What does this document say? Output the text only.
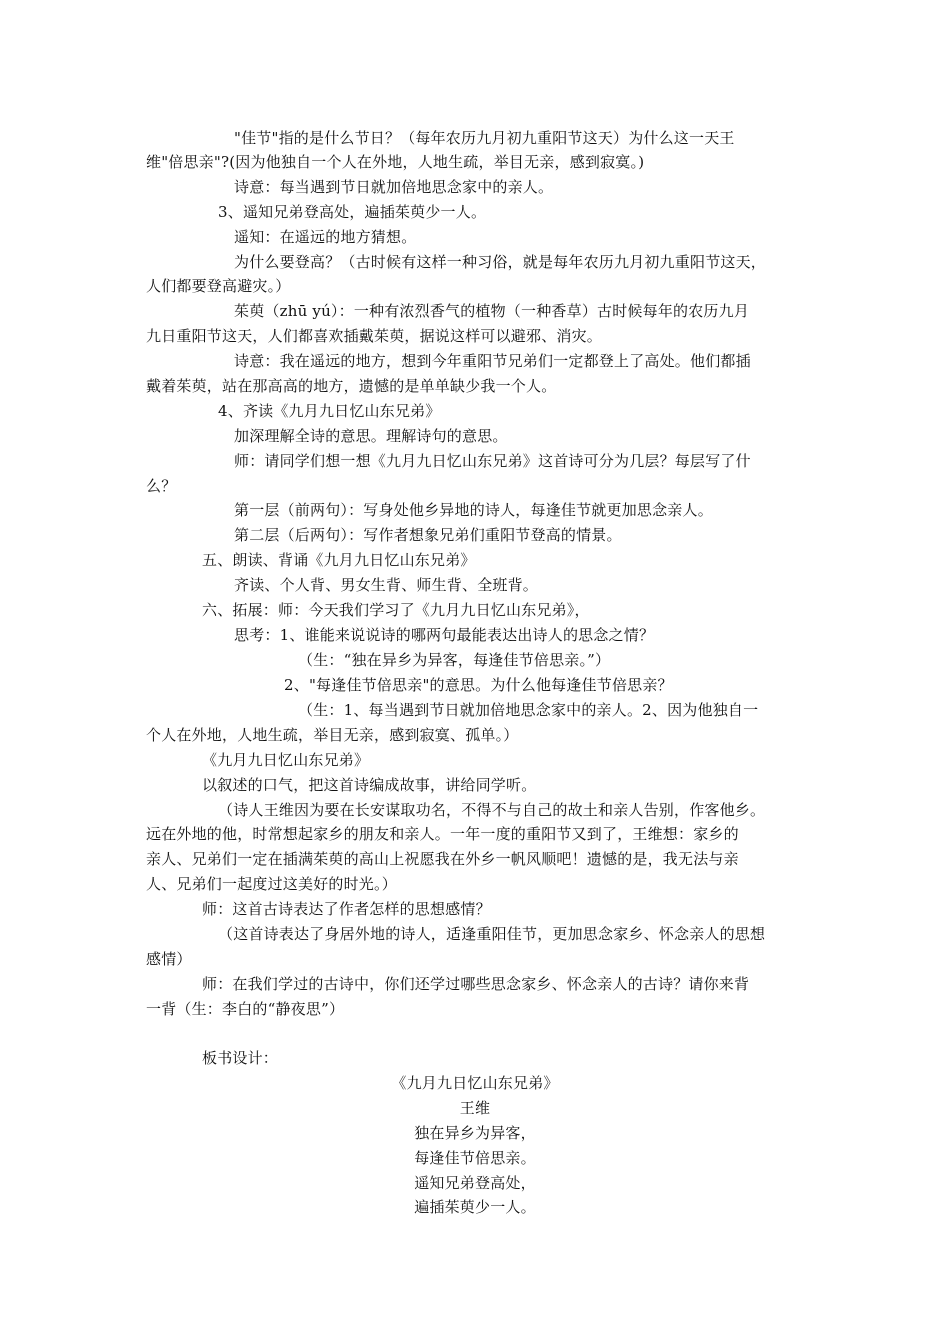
"佳节"指的是什么节日？（每年农历九月初九重阳节这天）为什么这一天王
维"倍思亲"?(因为他独自一个人在外地，人地生疏，举目无亲，感到寂寞。)
诗意：每当遇到节日就加倍地思念家中的亲人。
3、遥知兄弟登高处，遍插茱萸少一人。
遥知：在遥远的地方猜想。
为什么要登高？（古时候有这样一种习俗，就是每年农历九月初九重阳节这天，
人们都要登高避灾。）
茱萸（zhū yú）：一种有浓烈香气的植物（一种香草）古时候每年的农历九月
九日重阳节这天，人们都喜欢插戴茱萸，据说这样可以避邪、消灾。
诗意：我在遥远的地方，想到今年重阳节兄弟们一定都登上了高处。他们都插
戴着茱萸，站在那高高的地方，遗憾的是单单缺少我一个人。
4、齐读《九月九日忆山东兄弟》
加深理解全诗的意思。理解诗句的意思。
师：请同学们想一想《九月九日忆山东兄弟》这首诗可分为几层？每层写了什
么？
第一层（前两句）：写身处他乡异地的诗人，每逢佳节就更加思念亲人。
第二层（后两句）：写作者想象兄弟们重阳节登高的情景。
五、朗读、背诵《九月九日忆山东兄弟》
齐读、个人背、男女生背、师生背、全班背。
六、拓展：师：今天我们学习了《九月九日忆山东兄弟》，
思考：1、谁能来说说诗的哪两句最能表达出诗人的思念之情？
（生：“独在异乡为异客，每逢佳节倍思亲。”）
2、"每逢佳节倍思亲"的意思。为什么他每逢佳节倍思亲？
（生：1、每当遇到节日就加倍地思念家中的亲人。2、因为他独自一
个人在外地，人地生疏，举目无亲，感到寂寞、孤单。）
《九月九日忆山东兄弟》
以叙述的口气，把这首诗编成故事，讲给同学听。
（诗人王维因为要在长安谋取功名，不得不与自己的故土和亲人告别，作客他乡。
远在外地的他，时常想起家乡的朋友和亲人。一年一度的重阳节又到了，王维想：家乡的
亲人、兄弟们一定在插满茱萸的高山上祝愿我在外乡一帆风顺吧！遗憾的是，我无法与亲
人、兄弟们一起度过这美好的时光。）
师：这首古诗表达了作者怎样的思想感情？
（这首诗表达了身居外地的诗人，适逢重阳佳节，更加思念家乡、怀念亲人的思想
感情）
师：在我们学过的古诗中，你们还学过哪些思念家乡、怀念亲人的古诗？请你来背
一背（生：李白的“静夜思”）
板书设计：
《九月九日忆山东兄弟》
王维
独在异乡为异客，
每逢佳节倍思亲。
遥知兄弟登高处，
遍插茱萸少一人。
